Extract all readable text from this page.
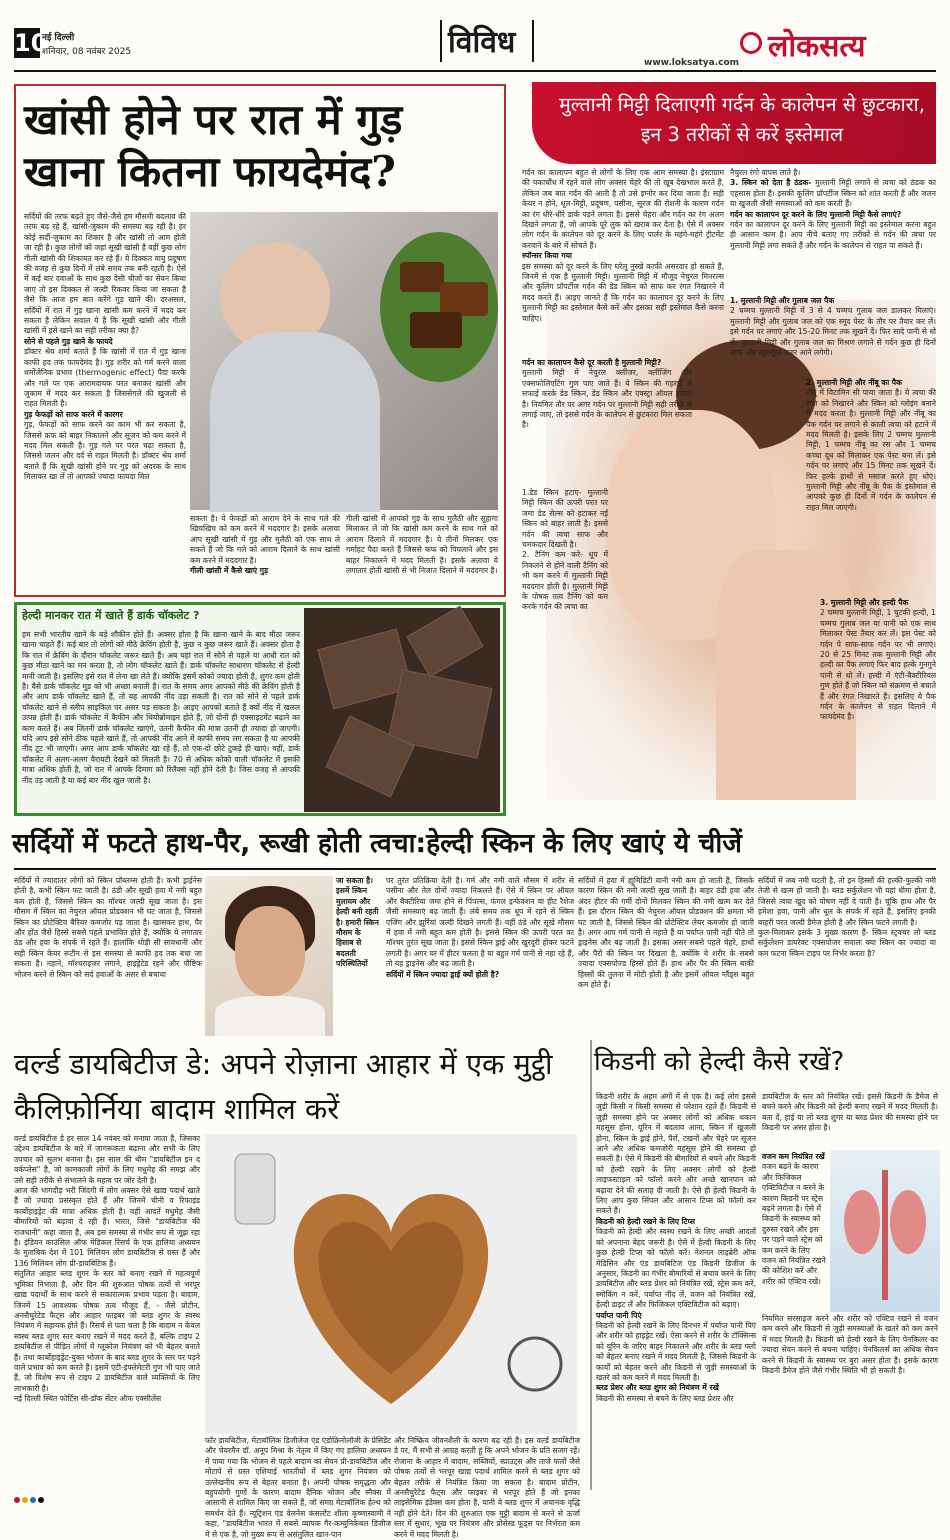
10
नई दिल्ली
शनिवार, 08 नवंबर 2025	विविध
www.loksatya.com लोकसत्य
खांसी होने पर रात में गुड़ खाना कितना फायदेमंद?
सर्दियों की तरफ बढ़ते हुए जैसे-जैसे हम मौसमी बदलाव की तरफ बढ़ रहे हैं, खांसी-जुकाम की समस्या बढ़ रही है। हर कोई सर्दी-जुकाम का शिकार है और खांसी तो आम होती जा रही है। कुछ लोगों को जहां सूखी खांसी है वहीं कुछ लोग गीली खांसी की शिकायत कर रहे हैं। ये दिक्कत वायु प्रदूषण की वजह से कुछ दिनों में लंबे समय तक बनी रहती है। ऐसे में कई बार दवाओं के साथ कुछ देसी चीजों का सेवन किया जाए तो इस दिक्कत से जल्दी रिकवर किया जा सकता है जैसे कि आज हम बात करेंगे गुड़ खाने की। दरअसल, सर्दियों में रात में गुड़ खाना खांसी कम करने में मदद कर सकता है लेकिन सवाल ये है कि सूखी खांसी और गीली खांसी में इसे खाने का सही तरीका क्या है?
सोने से पहले गुड़ खाने के फायदे
डॉक्टर श्रेय शर्मा बताते हैं कि खांसी में रात में गुड़ खाना काफी हद तक फायदेमंद है। गुड़ शरीर को गर्म करने वाला थर्मोजेनिक प्रभाव (thermogenic effect) पैदा करके और गले पर एक आरामदायक परत बनाकर खांसी और जुकाम में मदद कर सकता है जिससेगले की खुजली से राहत मिलती है।
गुड़ फेफड़ों को साफ करने में कारगर
गुड़, फेफड़ों को साफ करने का काम भी कर सकता है, जिससे कफ को बाहर निकालने और सूजन को कम करने में मदद मिल सकती है। गुड़ गले पर परत चढ़ा सकता है, जिससे जलन और दर्द से राहत मिलती है। डॉक्टर श्रेय शर्मा बताते हैं कि सूखी खांसी होने पर गुड़ को अदरक के साथ मिलाकर खा लें तो आपको ज्यादा फायदा मिल
सकता है। ये फेफड़ों को आराम देने के साथ गले की खिचखिच को कम करने में मददगार है। इसके अलावा आप सूखी खांसी में गुड़ और मुलैठी को एक साथ ले सकते हैं जो कि गले को आराम दिलाने के साथ खांसी कम करने में मददगार है।
गीली खांसी में कैसे खाएं गुड़
गीली खांसी में आपको गुड़ के साथ मुलैठी और सुहागा मिलाकर लें जो कि खांसी कम करने के साथ गले को आराम दिलाने में मददगार है। ये तीनों मिलकर एक गर्माहट पैदा करते हैं जिससे कफ को पिघलाने और इस बाहर निकालने में मदद मिलती है। इसके अलावा ये लगातार होती खांसी से भी निजात दिलाने में मददगार है।
हेल्दी मानकर रात में खाते हैं डार्क चॉकलेट ?
हम सभी भारतीय खाने के बड़े शौकीन होते हैं। अक्सर होता है कि खाना खाने के बाद मीठा जरूर खाना चाहते हैं। कई बार तो लोगों को मीठे क्रेविंग होती है, कुछ न कुछ जरूर खाते हैं। अक्सर होता है कि रात में क्रेविंग के दौरान चॉकलेट जरूर खाते हैं। अब यहां रात में सोने से पहले या आधी रात को कुछ मीठा खाने का मन करता है, तो लोग चॉकलेट खाते हैं। डार्क चॉकलेट साधारण चॉकलेट से हेल्दी मानी जाती है। इसलिए इसे रात में लेना खा लेते हैं। क्योंकि इसमें कोको ज्यादा होती है, शुगर कम होती है। वैसे डार्क चॉकलेट मूड को भी अच्छा बनाती है। रात के समय अगर आपको मीठे की क्रेविंग होती है और आप डार्क चॉकलेट खाते हैं, तो यह आपकी नींद उड़ा सकती है। रात को सोने से पहले डार्क चॉकलेट खाने से स्लीप साइकिल पर असर पड़ सकता है। आइए आपको बताते हैं क्यों नींद में खलल उत्पन्न होती है। डार्क चॉकलेट में कैफीन और थियोब्रोमाइन होते हैं, जो दोनों ही एक्साइटमेंट बढ़ाने का काम करते हैं। अब जितनी डार्क चॉकलेट खाएंगे, उतनी कैफीन की मात्रा उतनी ही ज्यादा हो जाएगी। यदि आप इसे सोने ठीक पहले खाते हैं, तो आपकी नींद आने में काफी समय लग सकता है या आपकी नींद टूट भी जाएगी। अगर आप डार्क चॉकलेट खा रहे हैं, तो एक-दो छोटे टुकड़े ही खाएं। वहीं, डार्क चॉकलेट में अलग-अलग वैरायटी देखने को मिलती है। 70 से अधिक कोको वाली चॉकलेट में इसकी मात्रा अधिक होती है, जो रात में आपके दिमाग को रिलैक्स नहीं होने देती है। जिस वजह से आपकी नींद उड़ जाती है या कई बार नींद खुल जाती है।
मुल्तानी मिट्टी दिलाएगी गर्दन के कालेपन से छुटकारा, इन 3 तरीकों से करें इस्तेमाल
गर्दन का कालापन बहुत से लोगों के लिए एक आम समस्या है। इंस्टाग्राम की चकाचौंध में रहने वाले लोग अक्सर चेहरे की तो खूब देखभाल करते हैं, लेकिन जब बात गर्दन की आती है तो उसे इग्नोर कर दिया जाता है। सही केयर न होने, धूल-मिट्टी, प्रदूषण, पसीना, सूरज की रोशनी के कारण गर्दन का रंग धीरे-धीरे डार्क पड़ने लगता है। इससे चेहरा और गर्दन का रंग अलग दिखने लगता है, जो आपके पूरे लुक को खराब कर देता है। ऐसे में अक्सर लोग गर्दन के कालेपन को दूर करने के लिए पार्लर के महंगे-महंगे ट्रीटमेंट करवाने के बारे में सोचते हैं।
स्पॉन्सर किया गया
इस समस्या को दूर करने के लिए घरेलू नुस्खे काफी असरदार हो सकते हैं, जिनमें से एक है मुल्तानी मिट्टी। मुल्तानी मिट्टी में मौजूद नेचुरल मिनरल्स और कूलिंग प्रॉपर्टीज गर्दन की डेड स्किन को साफ कर रंगत निखारने में मदद करते हैं। आइए जानते हैं कि गर्दन का कालापन दूर करने के लिए मुल्तानी मिट्टी का इस्तेमाल कैसे करें और इसका सही इस्तेमाल कैसे करना चाहिए।
गर्दन का कालापन कैसे दूर करती है मुल्तानी मिट्टी?
मुल्तानी मिट्टी में नेचुरल क्लींजर, क्लींजिंग और एक्सफोलिएटिंग गुण पाए जाते हैं। ये स्किन की गहराई से सफाई करके डेड स्किन, डेड स्किन और एक्स्ट्रा ऑयल हटाता है। नियमित तौर पर अगर गर्दन पर मुल्तानी मिट्टी सही तरीके से लगाई जाए, तो इससे गर्दन के कालेपन से छुटकारा मिल सकता है।
1.डेड स्किन हटाए- मुल्तानी मिट्टी स्किन की ऊपरी परत पर जमा डेड सेल्स को हटाकर नई स्किन को बाहर लाती है। इससे गर्दन की त्वचा साफ और चमकदार दिखती है।
2. टैनिंग कम करे- धूप में निकलने से होने वाली टैनिंग को भी कम करने में मुल्तानी मिट्टी मददगार होती है। मुल्तानी मिट्टी के पोषक तत्व टैनिंग को कम करके गर्दन की त्वचा का
नैचुरल रंगो वापस लाते है।
3. स्किन को देता है ठंडक- मुल्तानी मिट्टी लगाने से त्वचा को ठंडक का एहसास होता है। इसकी कूलिंग प्रॉपर्टीज स्किन को शांत करती हैं और जलन या खुजली जैसी समस्याओं को कम करती हैं।
गर्दन का कालापन दूर करने के लिए मुल्तानी मिट्टी कैसे लगाएं?
गर्दन का कालापन दूर करने के लिए मुल्तानी मिट्टी का इस्तेमाल करना बहुत ही आसान काम है। आप नीचे बताए गए तरीकों से गर्दन की त्वचा पर मुल्तानी मिट्टी लगा सकते हैं और गर्दन के कालेपन से राहत पा सकते हैं।
1. मुल्तानी मिट्टी और गुलाब जल पैक
2 चम्मच मुल्तानी मिट्टी में 3 से 4 चम्मच गुलाब जल डालकर मिलाएं। मुल्तानी मिट्टी और गुलाब जल को एक स्मूद पेस्ट के तौर पर तैयार कर लें। इसे गर्दन पर लगाएं और 15-20 मिनट तक सूखने दें। फिर सादे पानी से धो लें। मुल्तानी मिट्टी और गुलाब जल का मिश्रण लगाने से गर्दन कुछ ही दिनों साफ और खूबसूरत नजर आने लगेगी।
2. मुल्तानी मिट्टी और नींबू का पैक
नींबू में विटामिन सी पाया जाता है। ये त्वचा की रंगत को निखारने और स्किन को ग्लोइंग बनाने में मदद करता है। मुल्तानी मिट्टी और नींबू का पैक गर्दन पर लगाने से काली त्वचा को हटाने में मदद मिलती है। इसके लिए 2 चम्मच मुल्तानी मिट्टी, 1 चम्मच नींबू का रस और 1 चम्मच कच्चा दूध को मिलाकर एक पेस्ट बना लें। इसे गर्दन पर लगाएं और 15 मिनट तक सूखने दें। फिर हल्के हाथों से मसाज करते हुए धोएं। मुल्तानी मिट्टी और नींबू के पैक के इस्तेमाल से आपको कुछ ही दिनों में गर्दन के कालेपन से राहत मिल जाएगी।
3. मुल्तानी मिट्टी और हल्दी पैक
2 चम्मच मुल्तानी मिट्टी, 1 चुटकी हल्दी, 1 चम्मच गुलाब जल या पानी को एक साथ मिलाकर पेस्ट तैयार कर लें। इस पेस्ट को गर्दन पे साफ-साफ गर्दन पर भी लगाएं। 20 से 25 मिनट तक मुल्तानी मिट्टी और हल्दी का पैक लगाएं फिर बाद हल्के गुनगुने पानी से धो लें। हल्दी में एंटी-बैक्टीरियल गुण होते हैं जो स्किन को संक्रमण से बचाते हैं और रंगत निखारते हैं। इसलिए ये पैक गर्दन के कालेपन से राहत दिलाने में फायदेमंद है।
सर्दियों में फटते हाथ-पैर, रूखी होती त्वचा:हेल्दी स्किन के लिए खाएं ये चीजें
सर्दियों में ज्यादातर लोगों को स्किन प्रॉब्लम्स होती हैं। कभी ड्राईनेस होती है, कभी स्किन फट जाती है। ठंडी और सूखी हवा में नमी बहुत कम होती है, जिससे स्किन का मॉश्चर जल्दी सूख जाता है। इस मौसम में स्किन का नेचुरल ऑयल प्रोडक्शन भी घट जाता है, जिससे स्किन का प्रोटेक्टिव बैरियर कमजोर पड़ जाता है। खासकर हाथ, पैर और होंठ जैसे हिस्से सबसे पहले प्रभावित होते हैं, क्योंकि ये लगातार ठंड और हवा के संपर्क में रहते हैं। हालांकि थोड़ी सी सावधानी और सही स्किन केयर रूटीन से इस समस्या से काफी हद तक बचा जा सकता है। नहाने, मॉश्चराइजर लगाने, हाइड्रेटेड रहने और पौष्टिक भोजन करने से स्किन को सर्द हवाओं के असर से बचाया
जा सकता है। इसमें स्किन मुलायम और हेल्दी बनी रहती है। हमारी स्किन मौसम के हिसाब से बदलती परिस्थितियों
पर तुरंत प्रतिक्रिया देती है। गर्म और नमी वाले मौसम में शरीर से पसीना और तेल दोनों ज्यादा निकलते हैं। ऐसे में स्किन पर ऑयल और बैक्टीरिया जमा होने से पिंपल्स, फंगल इन्फेक्शन या हीट रैशेज जैसी समस्याएं बढ़ जाती हैं। लंबे समय तक धूप में रहने से स्किन एजिंग और झुर्रियां जल्दी दिखने लगती हैं। वहीं ठंडे और सूखे मौसम में हवा में नमी बहुत कम होती है। इससे स्किन की ऊपरी परत का मॉश्चर तुरंत सूख जाता है। इससे स्किन ड्राई और खुरदुरी होकर फटने लगती है। अगर घर में हीटर चलता है या बहुत गर्म पानी से नहा रहे हैं, तो यह ड्राइनेस और बढ़ जाती है।
सर्दियों में स्किन ज्यादा ड्राई क्यों होती है?
सर्दियों में हवा में ह्यूमिडिटी यानी नमी कम हो जाती है, जिसके कारण स्किन की नमी जल्दी सूख जाती है। बाहर ठंडी हवा और अंदर हीटर की गर्मी दोनों मिलकर स्किन की नमी खत्म कर देते हैं। इस दौरान स्किन की नेचुरल ऑयल प्रोडक्शन की क्षमता भी घट जाती है, जिससे स्किन की प्रोटेक्टिव लेयर कमजोर हो जाती है। अगर आप गर्म पानी से नहाते हैं या पर्याप्त पानी नहीं पीते तो ड्राइनेस और बढ़ जाती है। इसका असर सबसे पहले चेहरे, हाथों और पैरों की स्किन पर दिखता है, क्योंकि ये शरीर के सबसे ज्यादा एक्सपोज्ड हिस्से होते हैं। हाथ और पैर की स्किन बाकी हिस्सों की तुलना में मोटी होती है और इसमें ऑयल ग्लैंड्स बहुत कम होते हैं।
सर्दियों में जब नमी घटती है, तो इन हिस्सों की हल्की-फुल्की नमी तेजी से खत्म हो जाती है। ब्लड सर्कुलेशन भी यहां धीमा होता है, जिससे त्वचा खुद को पोषण नहीं दे पाती है। चूंकि हाथ और पैर हमेशा हवा, पानी और धूल के संपर्क में रहते हैं, इसलिए इनकी बाहरी परत जल्दी डैमेज होती है और स्किन फटने लगती है।
कुल-मिलाकर इसके 3 मुख्य कारण हैं- स्किन स्ट्रक्चर लो ब्लड सर्कुलेशन डायरेक्ट एक्सपोजर सवालः क्या स्किन का ज्यादा या कम फटना स्किन टाइप पर निर्भर करता है?
वर्ल्ड डायबिटीज डे: अपने रोज़ाना आहार में एक मुट्ठी कैलिफ़ोर्निया बादाम शामिल करें
वर्ल्ड डायबिटीज डे हर साल 14 नवंबर को मनाया जाता है, जिसका उद्देश्य डायबिटीज के बारे में जागरूकता बढ़ाना और सभी के लिए उपचार को सुलभ बनाना है। इस साल की थीम "डायबिटीज इन द वर्कप्लेस" है, जो कामकाजी लोगों के लिए मधुमेह की समझ और उसे सही तरीके से संभालने के महत्व पर जोर देती है।
आज की भागदौड़ भरी जिंदगी में लोग अक्सर ऐसे खाद्य पदार्थ खाते हैं जो ज्यादा प्रसंस्कृत होते हैं और जिनमें चीनी व रिफाइंड कार्बोहाइड्रेट की मात्रा अधिक होती है। वहीं आदतें मधुमेह जैसी बीमारियों को बढ़ावा दे रही हैं। भारत, जिसे "डायबिटीज की राजधानी" कहा जाता है, अब इस समस्या से गंभीर रूप से जूझ रहा है। इंडियन काउंसिल ऑफ मेडिकल रिसर्च के एक हालिया अध्ययन के मुताबिक देश में 101 मिलियन लोग डायबिटीज से ग्रस्त हैं और 136 मिलियन लोग प्री-डायबिटिक हैं।
संतुलित आहार ब्लड शुगर के स्तर को बनाए रखने में महत्वपूर्ण भूमिका निभाता है, और दिन की शुरुआत पोषक तत्वों से भरपूर खाद्य पदार्थों के साथ करने से सकारात्मक प्रभाव पड़ता है। बादाम, जिनमें 15 आवश्यक पोषक तत्व मौजूद हैं, - जैसे प्रोटीन, अनसैचुरेटेड फैट्स और आहार फाइबर जो ब्लड शुगर के स्वस्थ नियंत्रण में सहायक होते हैं। रिसर्च से पता चला है कि बादाम न केवल स्वस्थ ब्लड शुगर स्तर बनाए रखने में मदद करते हैं, बल्कि टाइप 2 डायबिटीज से पीड़ित लोगों में ग्लूकोज नियंत्रण को भी बेहतर बनाते हैं। तथा कार्बोहाइड्रेट-युक्त भोजन के बाद ब्लड शुगर के स्तर पर पड़ने वाले प्रभाव को कम करते हैं। इसमें एंटी-इंफ्लेमेटरी गुण भी पाए जाते हैं, जो विशेष रूप से टाइप 2 डायबिटीज वाले व्यक्तियों के लिए लाभकारी है।
नई दिल्ली स्थित फोर्टिस सी-डॉक सेंटर ऑफ एक्सीलेंस
फॉर डायबिटीज, मेटाबॉलिक डिजीजेज एंड एंडोक्रिनोलॉजी के प्रेसिडेंट और चेयरमैन डॉ. अनूप मिश्रा के नेतृत्व में किए गए हालिया अध्ययन में पाया गया कि भोजन से पहले बादाम का सेवन प्री-डायबिटीज और मोटापे से ग्रस्त एशियाई भारतीयों में ब्लड शुगर नियंत्रण को उल्लेखनीय रूप से बेहतर बनाता है। अपनी पोषक समृद्धता और बहुपयोगी गुणों के कारण बादाम दैनिक भोजन और स्नैक्स में आसानी से शामिल किए जा सकते हैं, जो समग्र मेटाबॉलिक हेल्थ को समर्थन देते हैं। न्यूट्रिशन एंड वेलनेस कंसल्टेंट शीला कृष्णास्वामी ने कहा, "डायबिटीज भारत में सबसे व्यापक गैर-कम्युनिकेबल डिजीज में से एक है, जो मुख्य रूप से असंतुलित खान-पान
और निष्क्रिय जीवनशैली के कारण बढ़ रही है। इस वर्ल्ड डायबिटीज डे पर, मैं सभी से आग्रह करती हूं कि अपने भोजन के प्रति सजग रहें। रोजाना के आहार में बादाम, सब्जियों, स्प्राउट्स और ताजे फलों जैसे पोषक तत्वों से भरपूर खाद्य पदार्थ शामिल करने से ब्लड शुगर को बेहतर तरीके से नियंत्रित किया जा सकता है। बादाम प्रोटीन, अनसैचुरेटेड फैट्स और फाइबर से भरपूर होते हैं जो इनका लाइसेमिक इंडेक्स कम होता है, यानी ये ब्लड शुगर में अचानक वृद्धि नहीं होने देते। दिन की शुरुआत एक मुट्ठी बादाम से करने से ऊर्जा स्तर में सुधार, भूख पर नियंत्रण और प्रोसेस्ड फूड्स पर निर्भरता कम करने में मदद मिलती है।
किडनी को हेल्दी कैसे रखें?
किडनी शरीर के अहम अंगों में से एक है। कई लोग इससे जुड़ी किसी न किसी समस्या से परेशान रहते हैं। किडनी से जुड़ी समस्या होने पर अक्सर लोगों को अधिक थकान महसूस होना, यूरिन में बदलाव आना, स्किन में खुजली होना, स्किन के ड्राई होने, पैरों, टखनों और चेहरे पर सूजन आने और अधिक कमजोरी महसूस होने की समस्या हो सकती है। ऐसे में किडनी की बीमारियों से बचने और किडनी को हेल्दी रखने के लिए अक्सर लोगों को हेल्दी लाइफस्टाइल को फॉलो करने और अच्छे खानपान को बढ़ावा देने की सलाह दी जाती है। ऐसे ही हेल्दी किडनी के लिए आप कुछ सिंपल और आसान टिप्स को फॉलो कर सकते हैं।
किडनी को हेल्दी रखने के लिए टिप्स
किडनी को हेल्दी और स्वस्थ रखने के लिए अच्छी आदतों को अपनाना बेहद जरूरी है। ऐसे में हेल्दी किडनी के लिए कुछ हेल्दी टिप्स को फॉलो करें। नेशनल लाइब्रेरी ऑफ मेडिसिन और एंड डायबिटिज एंड किडनी डिजीज के अनुसार, किडनी का गंभीर बीमारियों से बचाव करने के लिए डायबिटीज और ब्लड प्रेशर को नियंत्रित रखें, स्ट्रेस कम करें, स्मोकिंग न करें, पर्याप्त नींद लें, वजन को नियंत्रित रखें, हेल्दी डाइट लें और फिजिकल एक्टिविटीज को बढ़ाएं।
पर्याप्त पानी पिएं
किडनी को हेल्दी रखने के लिए दिनभर में पर्याप्त पानी पिएं और शरीर को हाइड्रेट रखें। ऐसा करने से शरीर के टॉक्सिन्स को यूरिन के जरिए बाहर निकालने और शरीर के ब्लड फ्लो को बेहतर बनाए रखने में मदद मिलती है, जिससे किडनी के कार्यों को बेहतर करने और किडनी से जुड़ी समस्याओं के खतरे को कम करने में मदद मिलती है।
ब्लड प्रेशर और ब्लड शुगर को नियंत्रण में रखें
किडनी की समस्या से बचने के लिए ब्लड प्रेशर और
डायबिटीज के स्तर को नियंत्रित रखें। इससे किडनी के डैमेज से बचने करने और किडनी को हेल्दी बनाए रखने में मदद मिलती है। बता दें, हाई या लो ब्लड शुगर या ब्लड प्रेशर की समस्या होने पर किडनी पर असर होता है।
वजन कम नियंत्रित रखें
वजन बढ़ने के कारण और फिजिकल एक्टिविटीज न करने के कारण किडनी पर स्ट्रेस बढ़ने लगता है। ऐसे में किडनी के स्वास्थ्य को दुरुस्त रखने और इस पर पड़ने वाले स्ट्रेस को कम करने के लिए वजन को नियंत्रित रखने की कोशिश करें और शरीर को एक्टिव रखें।
नियमित सरसाइज करने और शरीर को एक्टिव रखने से वजन कम करने और किडनी से जुड़ी समस्याओं के खतरे को कम करने में मदद मिलती है। किडनी को हेल्दी रखने के लिए पेनकिलर का ज्यादा सेवन करने से बचना चाहिए। पेनकिलर्स का अधिक सेवन करने से किडनी के स्वास्थ्य पर बुरा असर होता है। इसके कारण किडनी डैमेज होने जैसे गंभीर स्थिति भी हो सकती है।
